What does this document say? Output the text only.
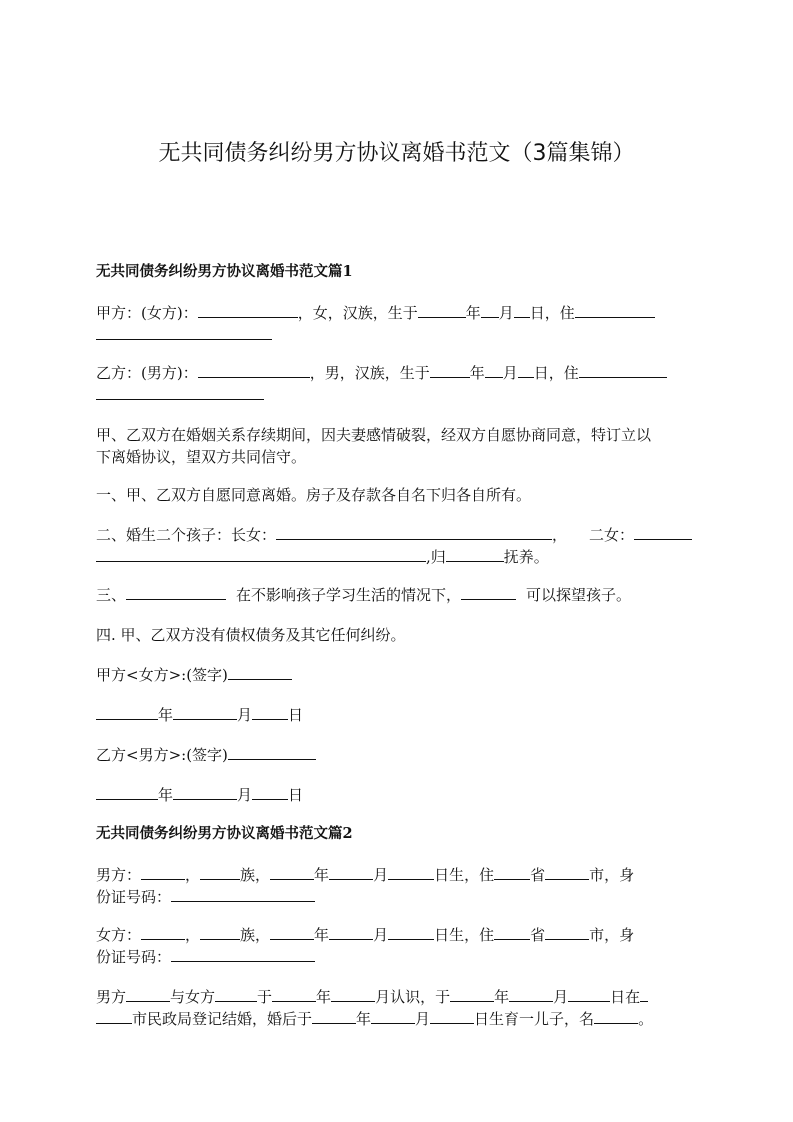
无共同债务纠纷男方协议离婚书范文（3篇集锦）
无共同债务纠纷男方协议离婚书范文篇1
甲方：(女方)：	，女，汉族，生于	年 月 日，住
乙方：(男方)：	，男，汉族，生于	年 月 日，住
甲、乙双方在婚姻关系存续期间，因夫妻感情破裂，经双方自愿协商同意，特订立以
下离婚协议，望双方共同信守。
一、甲、乙双方自愿同意离婚。房子及存款各自名下归各自所有。
二、婚生二个孩子：长女：	， 二女：
,归	抚养。
三、	在不影响孩子学习生活的情况下，	可以探望孩子。
四. 甲、乙双方没有债权债务及其它任何纠纷。
甲方<女方>:(签字)
年	月 日
乙方<男方>:(签字)
年	月 日
无共同债务纠纷男方协议离婚书范文篇2
男方：	，	族，	年	月	日生，住 省	市，身
份证号码：
女方：	，	族，	年	月	日生，住 省	市，身
份证号码：
男方	与女方	于	年	月认识，于	年	月	日在
市民政局登记结婚，婚后于	年	月	日生育一儿子，名	。
